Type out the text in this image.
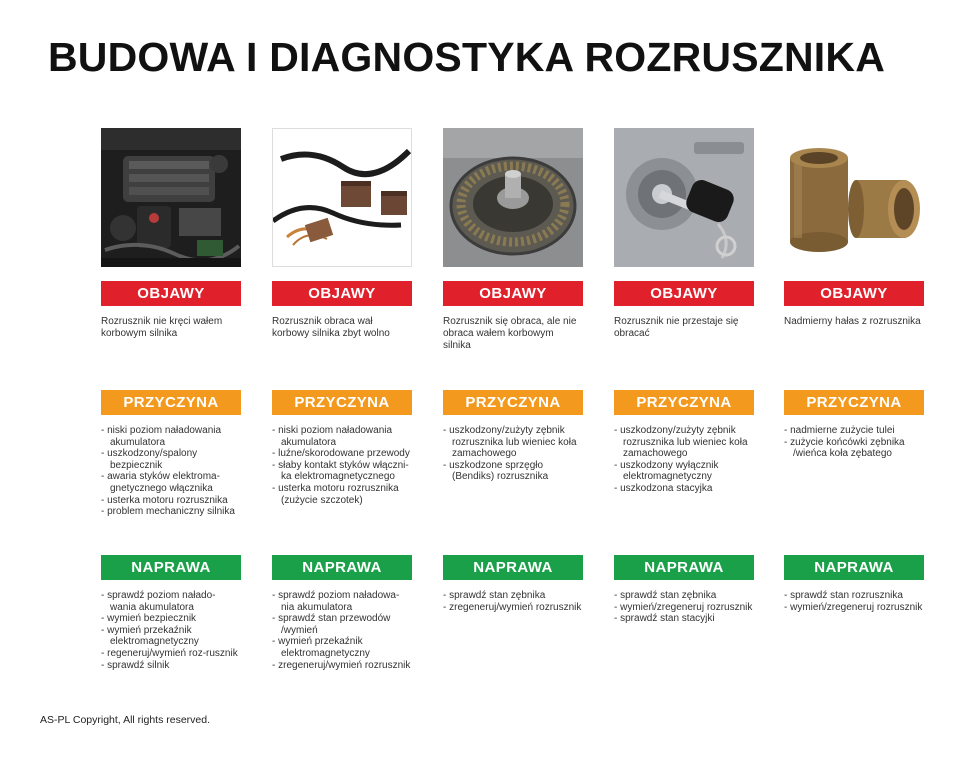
BUDOWA I DIAGNOSTYKA ROZRUSZNIKA
OBJAWY
Rozrusznik nie kręci wałem korbowym silnika
PRZYCZYNA
- niski poziom naładowania akumulatora
- uszkodzony/spalony bezpiecznik
- awaria styków elektroma-gnetycznego włącznika
- usterka motoru rozrusznika
- problem mechaniczny silnika
NAPRAWA
- sprawdź poziom nałado-wania akumulatora
- wymień bezpiecznik
- wymień przekaźnik elektromagnetyczny
- regeneruj/wymień roz-rusznik
- sprawdź silnik
OBJAWY
Rozrusznik obraca wał korbowy silnika zbyt wolno
PRZYCZYNA
- niski poziom naładowania akumulatora
- luźne/skorodowane przewody
- słaby kontakt styków włączni-ka elektromagnetycznego
- usterka motoru rozrusznika (zużycie szczotek)
NAPRAWA
- sprawdź poziom naładowa-nia akumulatora
- sprawdź stan przewodów /wymień
- wymień przekaźnik elektromagnetyczny
- zregeneruj/wymień rozrusznik
OBJAWY
Rozrusznik się obraca, ale nie obraca wałem korbowym silnika
PRZYCZYNA
- uszkodzony/zużyty zębnik rozrusznika lub wieniec koła zamachowego
- uszkodzone sprzęgło (Bendiks) rozrusznika
NAPRAWA
- sprawdź stan zębnika
- zregeneruj/wymień rozrusznik
OBJAWY
Rozrusznik nie przestaje się obracać
PRZYCZYNA
- uszkodzony/zużyty zębnik rozrusznika lub wieniec koła zamachowego
- uszkodzony wyłącznik elektromagnetyczny
- uszkodzona stacyjka
NAPRAWA
- sprawdź stan zębnika
- wymień/zregeneruj rozrusznik
- sprawdź stan stacyjki
OBJAWY
Nadmierny hałas z rozrusznika
PRZYCZYNA
- nadmierne zużycie tulei
- zużycie końcówki zębnika /wieńca koła zębatego
NAPRAWA
- sprawdź stan rozrusznika
- wymień/zregeneruj rozrusznik
AS-PL Copyright, All rights reserved.
